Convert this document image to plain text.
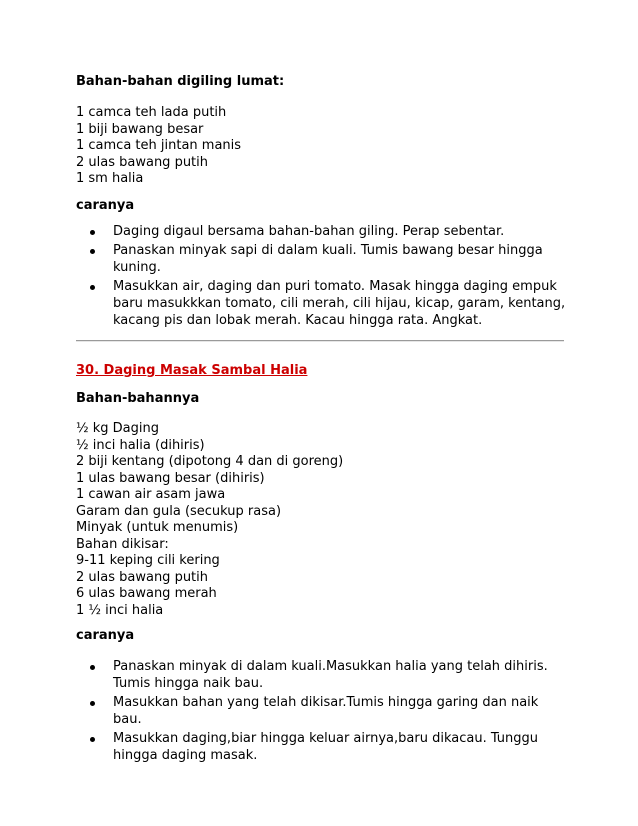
Bahan-bahan digiling lumat:
1 camca teh lada putih
1 biji bawang besar
1 camca teh jintan manis
2 ulas bawang putih
1 sm halia
caranya
Daging digaul bersama bahan-bahan giling. Perap sebentar.
Panaskan minyak sapi di dalam kuali. Tumis bawang besar hingga
kuning.
Masukkan air, daging dan puri tomato. Masak hingga daging empuk
baru masukkkan tomato, cili merah, cili hijau, kicap, garam, kentang,
kacang pis dan lobak merah. Kacau hingga rata. Angkat.
30. Daging Masak Sambal Halia
Bahan-bahannya
½ kg Daging
½ inci halia (dihiris)
2 biji kentang (dipotong 4 dan di goreng)
1 ulas bawang besar (dihiris)
1 cawan air asam jawa
Garam dan gula (secukup rasa)
Minyak (untuk menumis)
Bahan dikisar:
9-11 keping cili kering
2 ulas bawang putih
6 ulas bawang merah
1 ½ inci halia
caranya
Panaskan minyak di dalam kuali.Masukkan halia yang telah dihiris.
Tumis hingga naik bau.
Masukkan bahan yang telah dikisar.Tumis hingga garing dan naik bau.
Masukkan daging,biar hingga keluar airnya,baru dikacau. Tunggu
hingga daging masak.
